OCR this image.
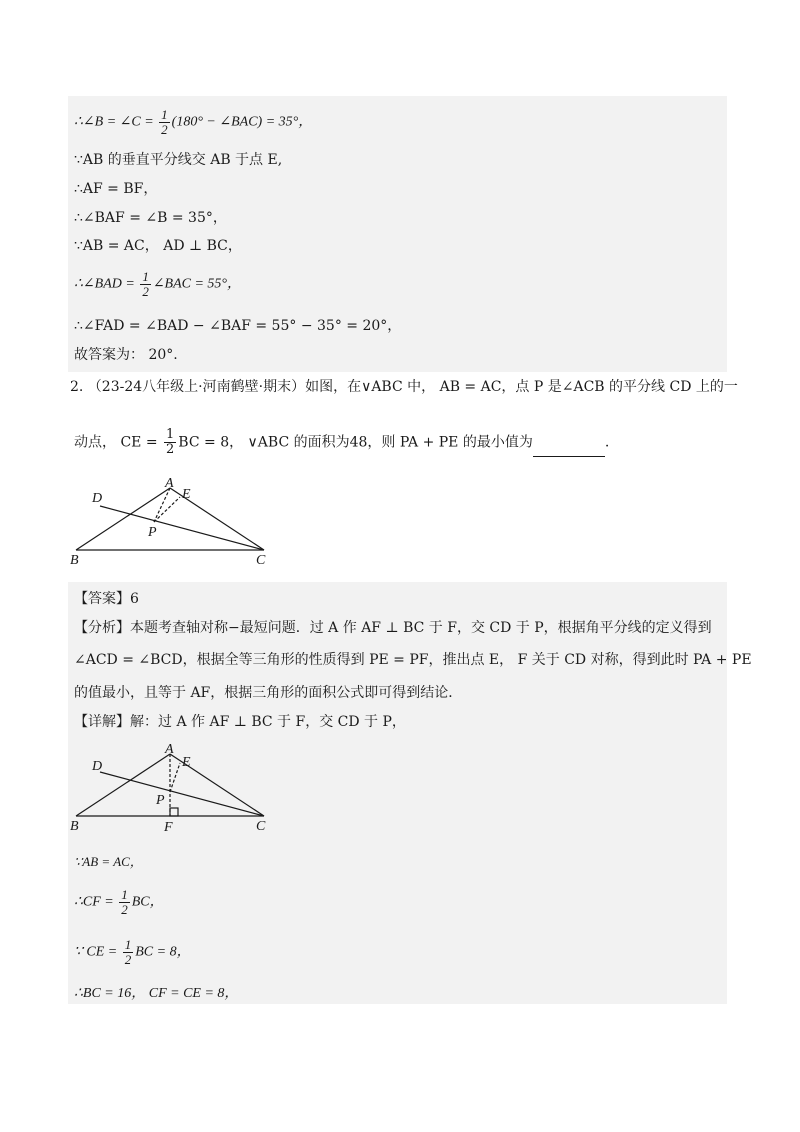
∴∠B = ∠C = $\frac{1}{2} (180^\circ$ − ∠BAC) = 35°，
∵AB 的垂直平分线交 AB 于点 E,
∴AF = BF，
∴∠BAF = ∠B = 35°，
∵AB = AC， AD ⊥ BC，
∴∠BAD = $\frac{1}{2}$ ∠BAC = 55°，
∴∠FAD = ∠BAD − ∠BAF = 55° − 35° = 20°，
故答案为： 20°.
2. （23-24八年级上·河南鹤壁·期末）如图，在∨ABC 中， AB = AC，点 P 是∠ACB 的平分线 CD 上的一
动点， CE = $\frac{1}{2}$ BC = 8， ∨ABC 的面积为48，则 PA + PE 的最小值为	.
A
B	C
D	E
P
【答案】6
【分析】本题考查轴对称−最短问题．过 A 作 AF ⊥ BC 于 F，交 CD 于 P，根据角平分线的定义得到
∠ACD = ∠BCD，根据全等三角形的性质得到 PE = PF，推出点 E， F 关于 CD 对称，得到此时 PA + PE
的值最小，且等于 AF，根据三角形的面积公式即可得到结论．
【详解】解：过 A 作 AF ⊥ BC 于 F，交 CD 于 P，
A
B	C
D	E
P
F
∵AB = AC，
∴CF = $\frac{1}{2}$ BC，
∵ CE = $\frac{1}{2}$ BC = 8，
∴BC = 16， CF = CE = 8，
